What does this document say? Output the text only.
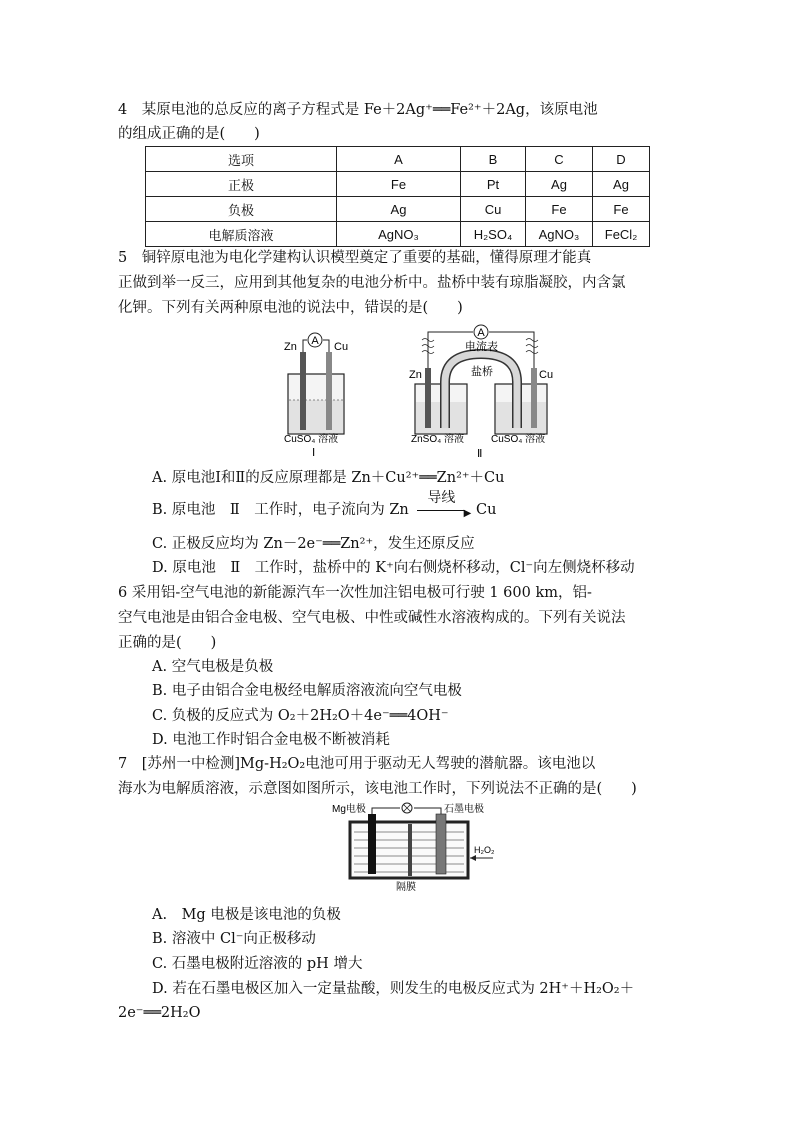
4　某原电池的总反应的离子方程式是 Fe＋2Ag⁺══Fe²⁺＋2Ag，该原电池
的组成正确的是(　　)
选项	A	B	C	D
正极	Fe	Pt	Ag	Ag
负极	Ag	Cu	Fe	Fe
电解质溶液	AgNO₃	H₂SO₄	AgNO₃	FeCl₂
5　铜锌原电池为电化学建构认识模型奠定了重要的基础，懂得原理才能真
正做到举一反三，应用到其他复杂的电池分析中。盐桥中装有琼脂凝胶，内含氯
化钾。下列有关两种原电池的说法中，错误的是(　　)
A
Zn	Cu
CuSO₄ 溶液
Ⅰ
A
电流表
盐桥
Zn	Cu
ZnSO₄ 溶液	CuSO₄ 溶液
Ⅱ
A. 原电池Ⅰ和Ⅱ的反应原理都是 Zn＋Cu²⁺══Zn²⁺＋Cu
B. 原电池　Ⅱ　工作时，电子流向为 Zn
导线
▶ Cu
C. 正极反应均为 Zn－2e⁻══Zn²⁺，发生还原反应
D. 原电池　Ⅱ　工作时，盐桥中的 K⁺向右侧烧杯移动，Cl⁻向左侧烧杯移动
6 采用铝-空气电池的新能源汽车一次性加注铝电极可行驶 1 600 km，铝-
空气电池是由铝合金电极、空气电极、中性或碱性水溶液构成的。下列有关说法
正确的是(　　)
A. 空气电极是负极
B. 电子由铝合金电极经电解质溶液流向空气电极
C. 负极的反应式为 O₂＋2H₂O＋4e⁻══4OH⁻
D. 电池工作时铝合金电极不断被消耗
7　[苏州一中检测]Mg-H₂O₂电池可用于驱动无人驾驶的潜航器。该电池以
海水为电解质溶液，示意图如图所示，该电池工作时，下列说法不正确的是(　　)
Mg电极	石墨电极
H₂O₂
隔膜
A.　Mg 电极是该电池的负极
B. 溶液中 Cl⁻向正极移动
C. 石墨电极附近溶液的 pH 增大
D. 若在石墨电极区加入一定量盐酸，则发生的电极反应式为 2H⁺＋H₂O₂＋
2e⁻══2H₂O
